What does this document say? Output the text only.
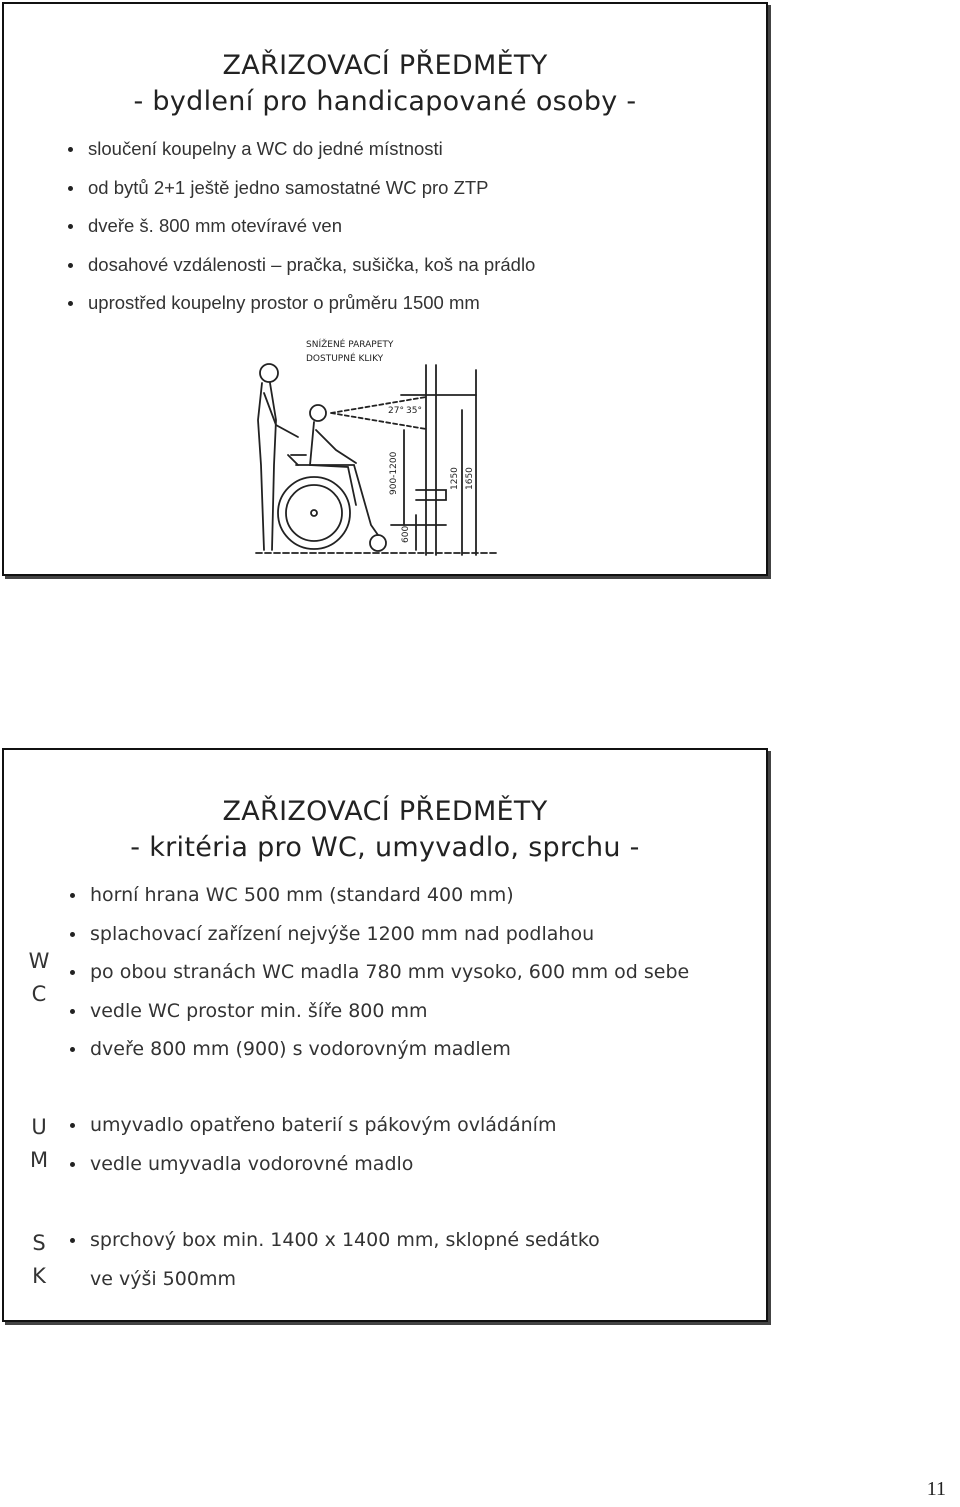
ZAŘIZOVACÍ PŘEDMĚTY
- bydlení pro handicapované osoby -
sloučení koupelny a WC do jedné místnosti
od bytů 2+1 ještě jedno samostatné WC pro ZTP
dveře š. 800 mm otevíravé ven
dosahové vzdálenosti – pračka, sušička, koš na prádlo
uprostřed koupelny prostor o průměru 1500 mm
SNÍŽENÉ PARAPETY
DOSTUPNÉ KLIKY
900-1200
600
1250 1650
27° 35°
ZAŘIZOVACÍ PŘEDMĚTY
- kritéria pro WC, umyvadlo, sprchu -
W
C
horní hrana WC 500 mm (standard 400 mm)
splachovací zařízení nejvýše 1200 mm nad podlahou
po obou stranách WC madla 780 mm vysoko, 600 mm od sebe
vedle WC prostor min. šíře 800 mm
dveře 800 mm (900) s vodorovným madlem
U
M
umyvadlo opatřeno baterií s pákovým ovládáním
vedle umyvadla vodorovné madlo
S
K
sprchový box min. 1400 x 1400 mm, sklopné sedátko
ve výši 500mm
11
